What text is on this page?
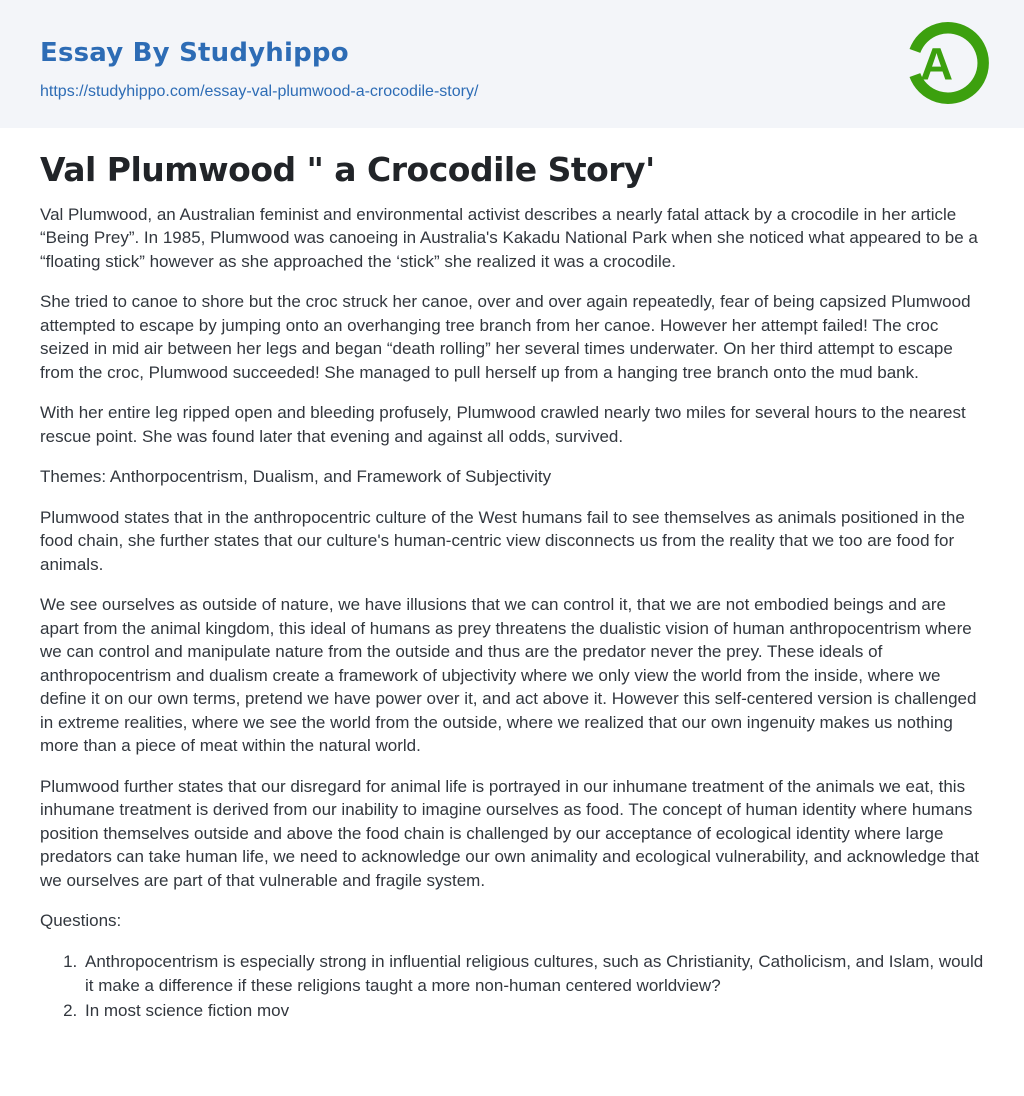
Essay By Studyhippo
https://studyhippo.com/essay-val-plumwood-a-crocodile-story/
A
Val Plumwood " a Crocodile Story'

Val Plumwood, an Australian feminist and environmental activist describes a nearly fatal attack by a crocodile in her article “Being Prey”. In 1985, Plumwood was canoeing in Australia's Kakadu National Park when she noticed what appeared to be a “floating stick” however as she approached the ‘stick” she realized it was a crocodile.

She tried to canoe to shore but the croc struck her canoe, over and over again repeatedly, fear of being capsized Plumwood attempted to escape by jumping onto an overhanging tree branch from her canoe. However her attempt failed! The croc seized in mid air between her legs and began “death rolling” her several times underwater. On her third attempt to escape from the croc, Plumwood succeeded! She managed to pull herself up from a hanging tree branch onto the mud bank.

With her entire leg ripped open and bleeding profusely, Plumwood crawled nearly two miles for several hours to the nearest rescue point. She was found later that evening and against all odds, survived.

Themes: Anthorpocentrism, Dualism, and Framework of Subjectivity

Plumwood states that in the anthropocentric culture of the West humans fail to see themselves as animals positioned in the food chain, she further states that our culture's human-centric view disconnects us from the reality that we too are food for animals.

We see ourselves as outside of nature, we have illusions that we can control it, that we are not embodied beings and are apart from the animal kingdom, this ideal of humans as prey threatens the dualistic vision of human anthropocentrism where we can control and manipulate nature from the outside and thus are the predator never the prey. These ideals of anthropocentrism and dualism create a framework of ubjectivity where we only view the world from the inside, where we define it on our own terms, pretend we have power over it, and act above it. However this self-centered version is challenged in extreme realities, where we see the world from the outside, where we realized that our own ingenuity makes us nothing more than a piece of meat within the natural world.

Plumwood further states that our disregard for animal life is portrayed in our inhumane treatment of the animals we eat, this inhumane treatment is derived from our inability to imagine ourselves as food. The concept of human identity where humans position themselves outside and above the food chain is challenged by our acceptance of ecological identity where large predators can take human life, we need to acknowledge our own animality and ecological vulnerability, and acknowledge that we ourselves are part of that vulnerable and fragile system.

Questions:

1. Anthropocentrism is especially strong in influential religious cultures, such as Christianity, Catholicism, and Islam, would it make a difference if these religions taught a more non-human centered worldview?
2. In most science fiction mov
